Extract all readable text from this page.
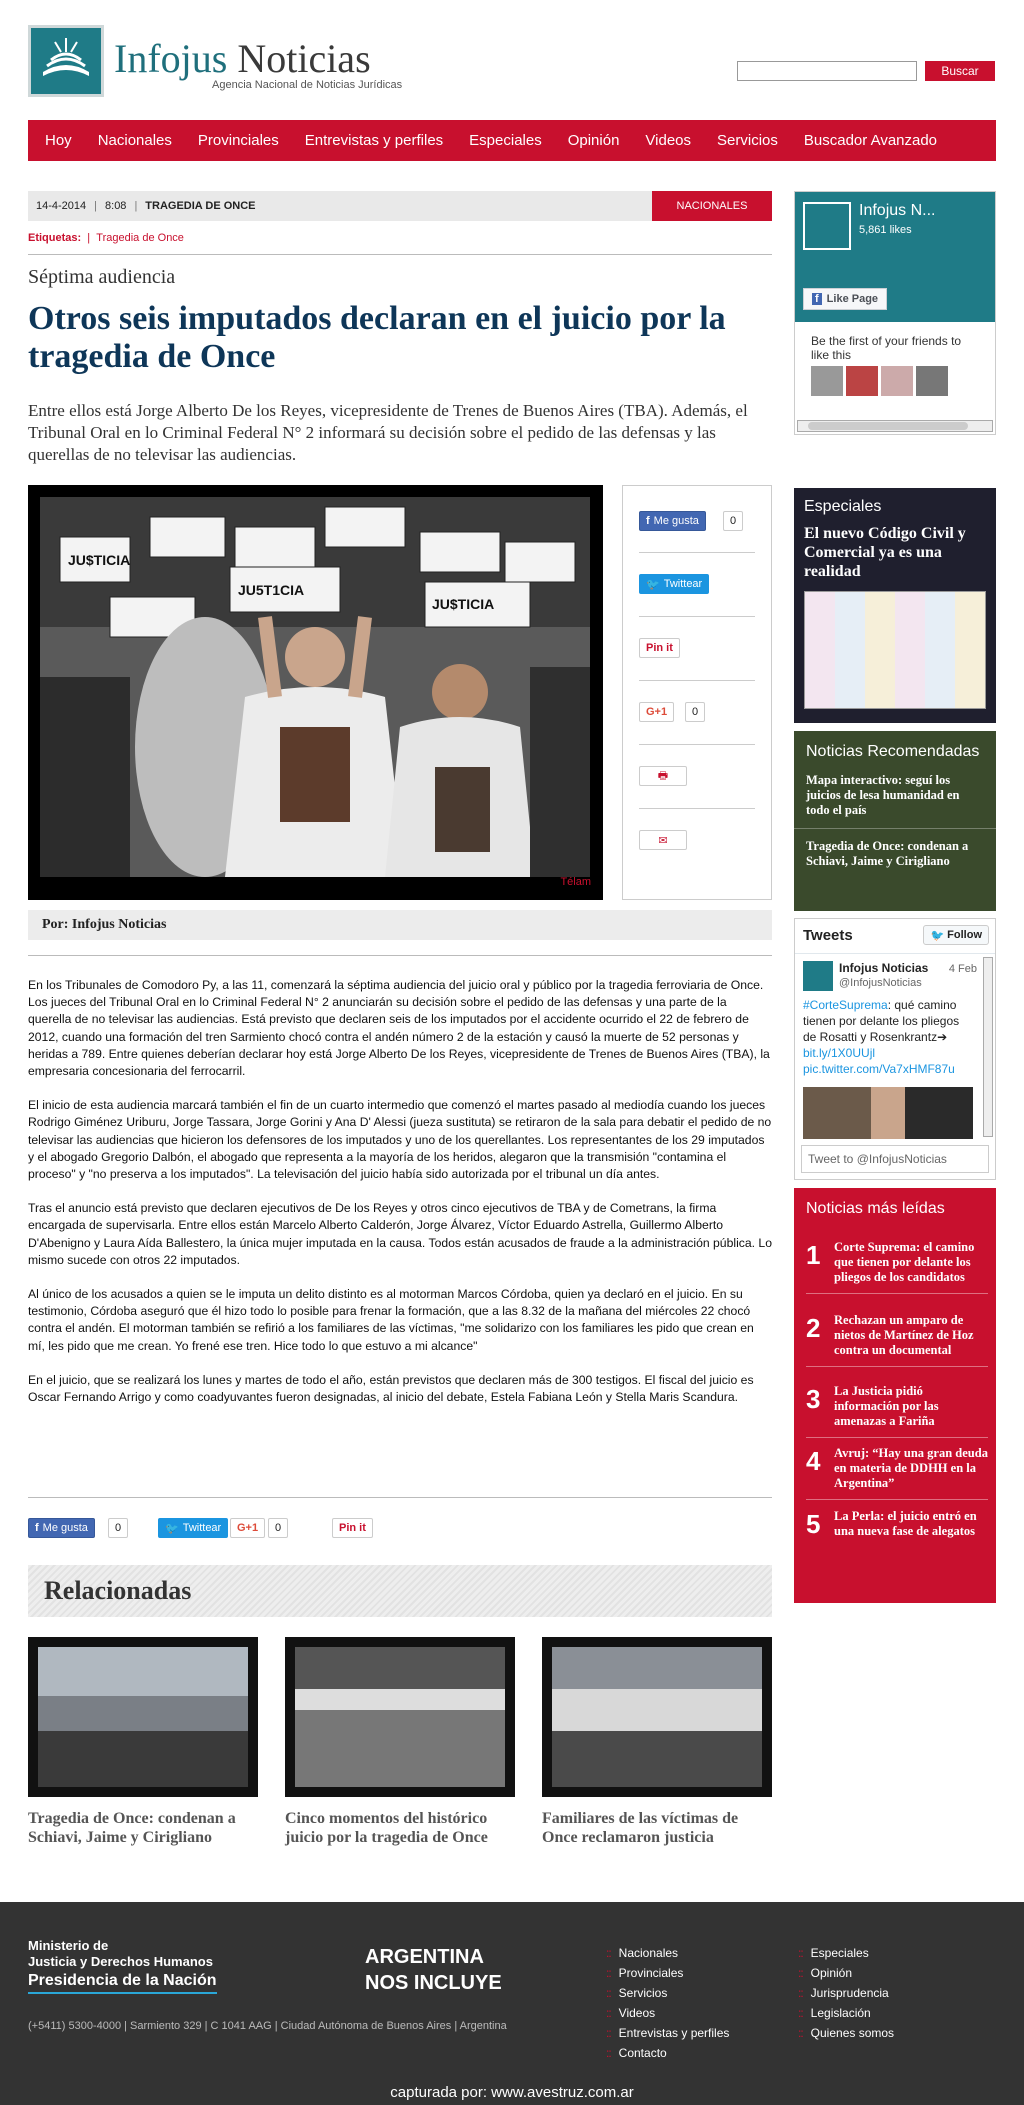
Infojus Noticias
Agencia Nacional de Noticias Jurídicas
Buscar
Hoy	Nacionales	Provinciales	Entrevistas y perfiles	Especiales	Opinión	Videos	Servicios	Buscador Avanzado
14-4-2014 | 8:08 | TRAGEDIA DE ONCE	NACIONALES
Etiquetas:  |  Tragedia de Once
Séptima audiencia
Otros seis imputados declaran en el juicio por la tragedia de Once
Entre ellos está Jorge Alberto De los Reyes, vicepresidente de Trenes de Buenos Aires (TBA). Además, el Tribunal Oral en lo Criminal Federal N° 2 informará su decisión sobre el pedido de las defensas y las querellas de no televisar las audiencias.
JU$TICIA
JU5T1CIA
JU$TICIA
Télam
f Me gusta	0
🐦 Twittear
Pin it
G+1	0
🖶
✉
Por: Infojus Noticias

En los Tribunales de Comodoro Py, a las 11, comenzará la séptima audiencia del juicio oral y público por la tragedia ferroviaria de Once. Los jueces del Tribunal Oral en lo Criminal Federal N° 2 anunciarán su decisión sobre el pedido de las defensas y una parte de la querella de no televisar las audiencias. Está previsto que declaren seis de los imputados por el accidente ocurrido el 22 de febrero de 2012, cuando una formación del tren Sarmiento chocó contra el andén número 2 de la estación y causó la muerte de 52 personas y heridas a 789. Entre quienes deberían declarar hoy está Jorge Alberto De los Reyes, vicepresidente de Trenes de Buenos Aires (TBA), la empresaria concesionaria del ferrocarril.

El inicio de esta audiencia marcará también el fin de un cuarto intermedio que comenzó el martes pasado al mediodía cuando los jueces Rodrigo Giménez Uriburu, Jorge Tassara, Jorge Gorini y Ana D' Alessi (jueza sustituta) se retiraron de la sala para debatir el pedido de no televisar las audiencias que hicieron los defensores de los imputados y uno de los querellantes. Los representantes de los 29 imputados y el abogado Gregorio Dalbón, el abogado que representa a la mayoría de los heridos, alegaron que la transmisión "contamina el proceso" y "no preserva a los imputados". La televisación del juicio había sido autorizada por el tribunal un día antes.

Tras el anuncio está previsto que declaren ejecutivos de De los Reyes y otros cinco ejecutivos de TBA y de Cometrans, la firma encargada de supervisarla. Entre ellos están Marcelo Alberto Calderón, Jorge Álvarez, Víctor Eduardo Astrella, Guillermo Alberto D'Abenigno y Laura Aída Ballestero, la única mujer imputada en la causa. Todos están acusados de fraude a la administración pública. Lo mismo sucede con otros 22 imputados.

Al único de los acusados a quien se le imputa un delito distinto es al motorman Marcos Córdoba, quien ya declaró en el juicio. En su testimonio, Córdoba aseguró que él hizo todo lo posible para frenar la formación, que a las 8.32 de la mañana del miércoles 22 chocó contra el andén. El motorman también se refirió a los familiares de las víctimas, "me solidarizo con los familiares les pido que crean en mí, les pido que me crean. Yo frené ese tren. Hice todo lo que estuvo a mi alcance"

En el juicio, que se realizará los lunes y martes de todo el año, están previstos que declaren más de 300 testigos. El fiscal del juicio es Oscar Fernando Arrigo y como coadyuvantes fueron designadas, al inicio del debate, Estela Fabiana León y Stella Maris Scandura.

f Me gusta	0	🐦 Twittear	G+1	0	Pin it
Relacionadas
Tragedia de Once: condenan a Schiavi, Jaime y Cirigliano
Cinco momentos del histórico juicio por la tragedia de Once
Familiares de las víctimas de Once reclamaron justicia
Infojus N...
5,861 likes
f Like Page
Be the first of your friends to like this
Especiales
El nuevo Código Civil y Comercial ya es una realidad
Noticias Recomendadas
Mapa interactivo: seguí los juicios de lesa humanidad en todo el país
Tragedia de Once: condenan a Schiavi, Jaime y Cirigliano
Tweets	🐦 Follow
Infojus Noticias
@InfojusNoticias
4 Feb
#CorteSuprema: qué camino tienen por delante los pliegos de Rosatti y Rosenkrantz➔ bit.ly/1X0UUjl pic.twitter.com/Va7xHMF87u
Tweet to @InfojusNoticias
Noticias más leídas
1 Corte Suprema: el camino que tienen por delante los pliegos de los candidatos
2 Rechazan un amparo de nietos de Martínez de Hoz contra un documental
3 La Justicia pidió información por las amenazas a Fariña
4 Avruj: “Hay una gran deuda en materia de DDHH en la Argentina”
5 La Perla: el juicio entró en una nueva fase de alegatos
Ministerio de
Justicia y Derechos Humanos
Presidencia de la Nación
ARGENTINA
NOS INCLUYE
(+5411) 5300-4000 | Sarmiento 329 | C 1041 AAG | Ciudad Autónoma de Buenos Aires | Argentina
:: Nacionales
:: Provinciales
:: Servicios
:: Videos
:: Entrevistas y perfiles
:: Contacto
:: Especiales
:: Opinión
:: Jurisprudencia
:: Legislación
:: Quienes somos
capturada por: www.avestruz.com.ar
